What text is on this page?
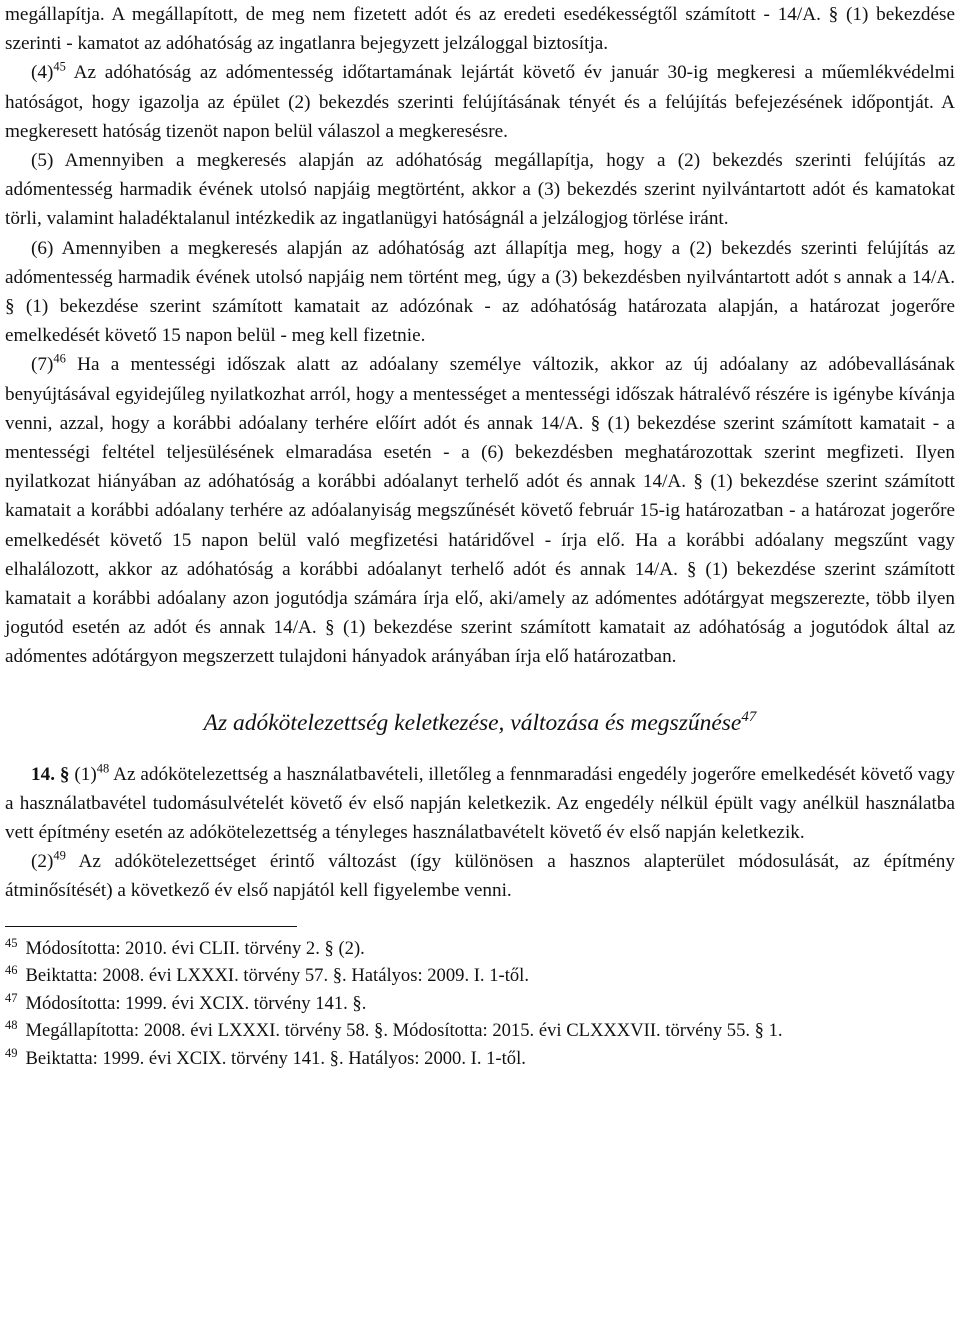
megállapítja. A megállapított, de meg nem fizetett adót és az eredeti esedékességtől számított - 14/A. § (1) bekezdése szerinti - kamatot az adóhatóság az ingatlanra bejegyzett jelzáloggal biztosítja.

$(4)^{45}$ Az adóhatóság az adómentesség időtartamának lejártát követő év január 30-ig megkeresi a műemlékvédelmi hatóságot, hogy igazolja az épület (2) bekezdés szerinti felújításának tényét és a felújítás befejezésének időpontját. A megkeresett hatóság tizenöt napon belül válaszol a megkeresésre.

(5) Amennyiben a megkeresés alapján az adóhatóság megállapítja, hogy a (2) bekezdés szerinti felújítás az adómentesség harmadik évének utolsó napjáig megtörtént, akkor a (3) bekezdés szerint nyilvántartott adót és kamatokat törli, valamint haladéktalanul intézkedik az ingatlanügyi hatóságnál a jelzálogjog törlése iránt.

(6) Amennyiben a megkeresés alapján az adóhatóság azt állapítja meg, hogy a (2) bekezdés szerinti felújítás az adómentesség harmadik évének utolsó napjáig nem történt meg, úgy a (3) bekezdésben nyilvántartott adót s annak a 14/A. § (1) bekezdése szerint számított kamatait az adózónak - az adóhatóság határozata alapján, a határozat jogerőre emelkedését követő 15 napon belül - meg kell fizetnie.

$(7)^{46}$ Ha a mentességi időszak alatt az adóalany személye változik, akkor az új adóalany az adóbevallásának benyújtásával egyidejűleg nyilatkozhat arról, hogy a mentességet a mentességi időszak hátralévő részére is igénybe kívánja venni, azzal, hogy a korábbi adóalany terhére előírt adót és annak 14/A. § (1) bekezdése szerint számított kamatait - a mentességi feltétel teljesülésének elmaradása esetén - a (6) bekezdésben meghatározottak szerint megfizeti. Ilyen nyilatkozat hiányában az adóhatóság a korábbi adóalanyt terhelő adót és annak 14/A. § (1) bekezdése szerint számított kamatait a korábbi adóalany terhére az adóalanyiság megszűnését követő február 15-ig határozatban - a határozat jogerőre emelkedését követő 15 napon belül való megfizetési határidővel - írja elő. Ha a korábbi adóalany megszűnt vagy elhalálozott, akkor az adóhatóság a korábbi adóalanyt terhelő adót és annak 14/A. § (1) bekezdése szerint számított kamatait a korábbi adóalany azon jogutódja számára írja elő, aki/amely az adómentes adótárgyat megszerezte, több ilyen jogutód esetén az adót és annak 14/A. § (1) bekezdése szerint számított kamatait az adóhatóság a jogutódok által az adómentes adótárgyon megszerzett tulajdoni hányadok arányában írja elő határozatban.

Az adókötelezettség keletkezése, változása és megszűnése$^{47}$

14. § $(1)^{48}$ Az adókötelezettség a használatbavételi, illetőleg a fennmaradási engedély jogerőre emelkedését követő vagy a használatbavétel tudomásulvételét követő év első napján keletkezik. Az engedély nélkül épült vagy anélkül használatba vett építmény esetén az adókötelezettség a tényleges használatbavételt követő év első napján keletkezik.

$(2)^{49}$ Az adókötelezettséget érintő változást (így különösen a hasznos alapterület módosulását, az építmény átminősítését) a következő év első napjától kell figyelembe venni.

$^{45}$ Módosította: 2010. évi CLII. törvény 2. § (2).

$^{46}$ Beiktatta: 2008. évi LXXXI. törvény 57. §. Hatályos: 2009. I. 1-től.

$^{47}$ Módosította: 1999. évi XCIX. törvény 141. §.

$^{48}$ Megállapította: 2008. évi LXXXI. törvény 58. §. Módosította: 2015. évi CLXXXVII. törvény 55. § 1.

$^{49}$ Beiktatta: 1999. évi XCIX. törvény 141. §. Hatályos: 2000. I. 1-től.
